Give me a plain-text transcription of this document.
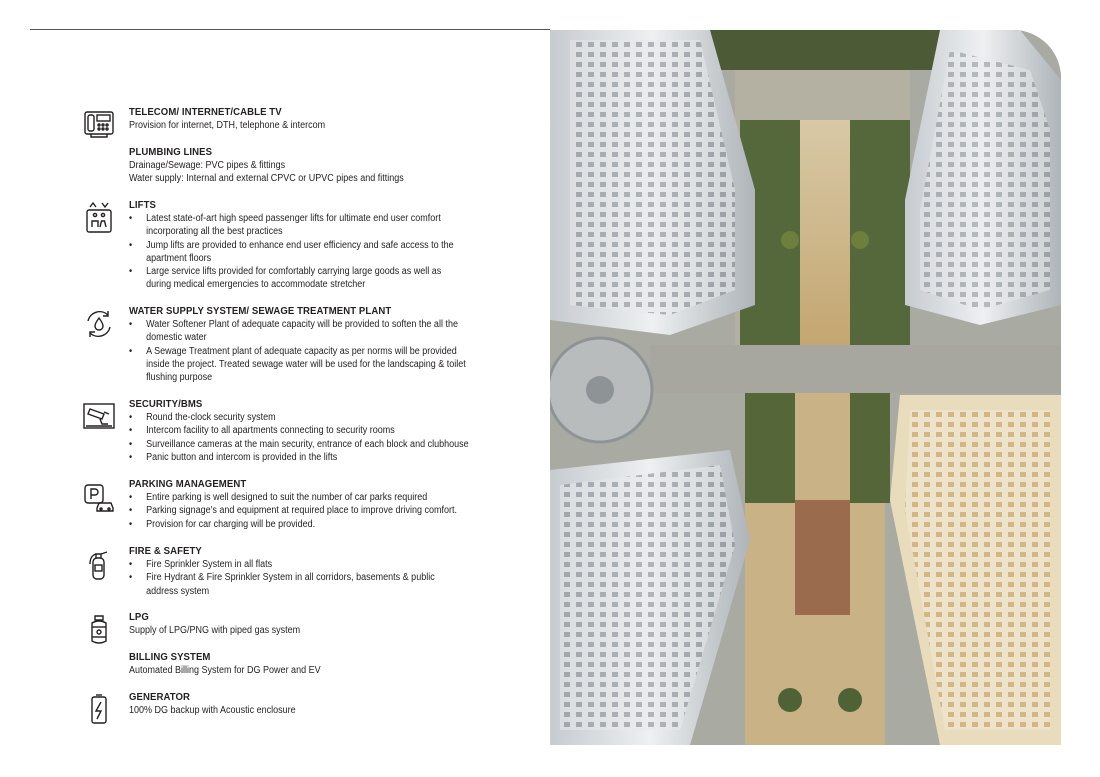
TELECOM/ INTERNET/CABLE TV
Provision for internet, DTH, telephone & intercom
PLUMBING LINES
Drainage/Sewage: PVC pipes & fittings
Water supply: Internal and external CPVC or UPVC pipes and fittings
LIFTS
• Latest state-of-art high speed passenger lifts for ultimate end user comfort
incorporating all the best practices
• Jump lifts are provided to enhance end user efficiency and safe access to the
apartment floors
• Large service lifts provided for comfortably carrying large goods as well as
during medical emergencies to accommodate stretcher
WATER SUPPLY SYSTEM/ SEWAGE TREATMENT PLANT
• Water Softener Plant of adequate capacity will be provided to soften the all the
domestic water
• A Sewage Treatment plant of adequate capacity as per norms will be provided
inside the project. Treated sewage water will be used for the landscaping & toilet
flushing purpose
SECURITY/BMS
• Round the-clock security system
• Intercom facility to all apartments connecting to security rooms
• Surveillance cameras at the main security, entrance of each block and clubhouse
• Panic button and intercom is provided in the lifts
PARKING MANAGEMENT
• Entire parking is well designed to suit the number of car parks required
• Parking signage's and equipment at required place to improve driving comfort.
• Provision for car charging will be provided.
FIRE & SAFETY
• Fire Sprinkler System in all flats
• Fire Hydrant & Fire Sprinkler System in all corridors, basements & public
address system
LPG
Supply of LPG/PNG with piped gas system
BILLING SYSTEM
Automated Billing System for DG Power and EV
GENERATOR
100% DG backup with Acoustic enclosure
